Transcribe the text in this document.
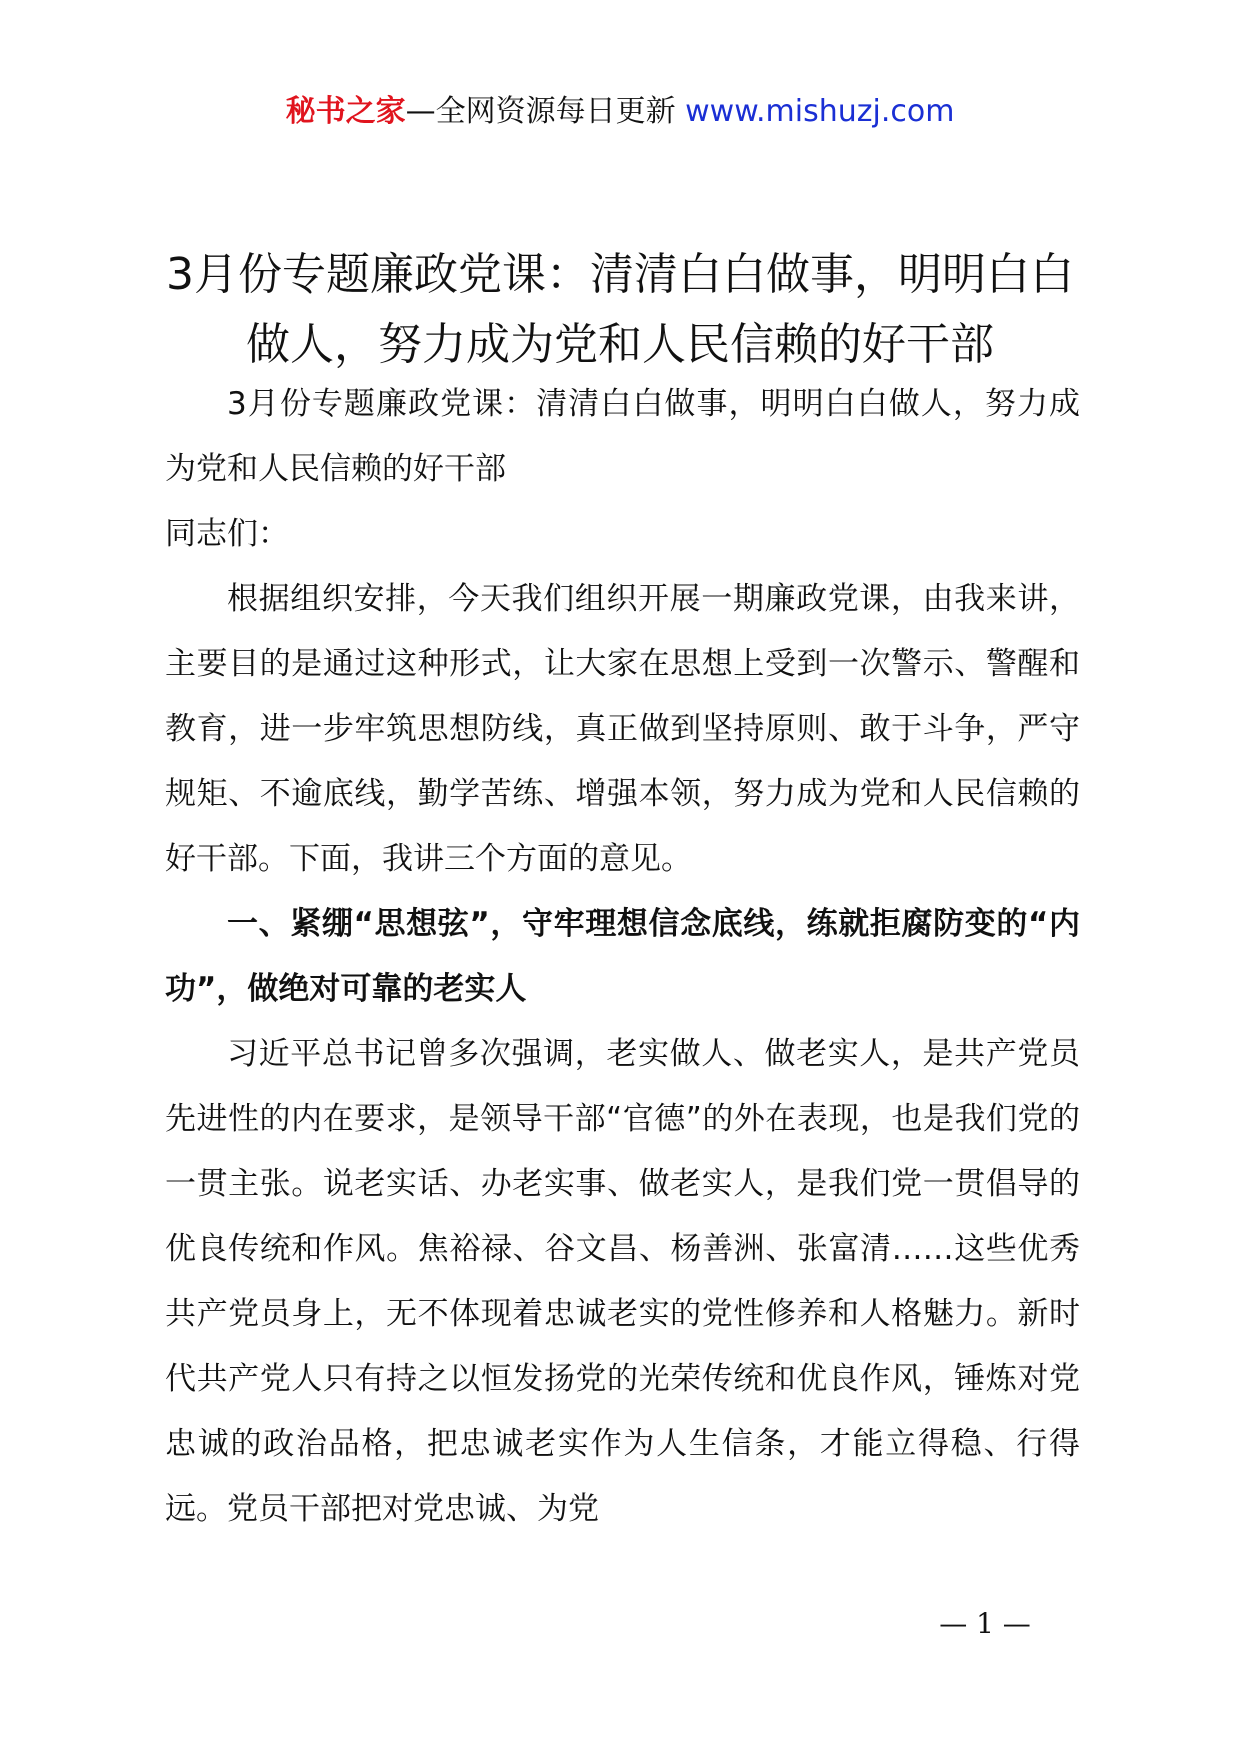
秘书之家—全网资源每日更新 www.mishuzj.com
3月份专题廉政党课：清清白白做事，明明白白做人，努力成为党和人民信赖的好干部

3月份专题廉政党课：清清白白做事，明明白白做人，努力成为党和人民信赖的好干部

同志们：

根据组织安排，今天我们组织开展一期廉政党课，由我来讲，主要目的是通过这种形式，让大家在思想上受到一次警示、警醒和教育，进一步牢筑思想防线，真正做到坚持原则、敢于斗争，严守规矩、不逾底线，勤学苦练、增强本领，努力成为党和人民信赖的好干部。下面，我讲三个方面的意见。

一、紧绷“思想弦”，守牢理想信念底线，练就拒腐防变的“内功”，做绝对可靠的老实人

习近平总书记曾多次强调，老实做人、做老实人，是共产党员先进性的内在要求，是领导干部“官德”的外在表现，也是我们党的一贯主张。说老实话、办老实事、做老实人，是我们党一贯倡导的优良传统和作风。焦裕禄、谷文昌、杨善洲、张富清……这些优秀共产党员身上，无不体现着忠诚老实的党性修养和人格魅力。新时代共产党人只有持之以恒发扬党的光荣传统和优良作风，锤炼对党忠诚的政治品格，把忠诚老实作为人生信条，才能立得稳、行得远。党员干部把对党忠诚、为党

— 1 —
